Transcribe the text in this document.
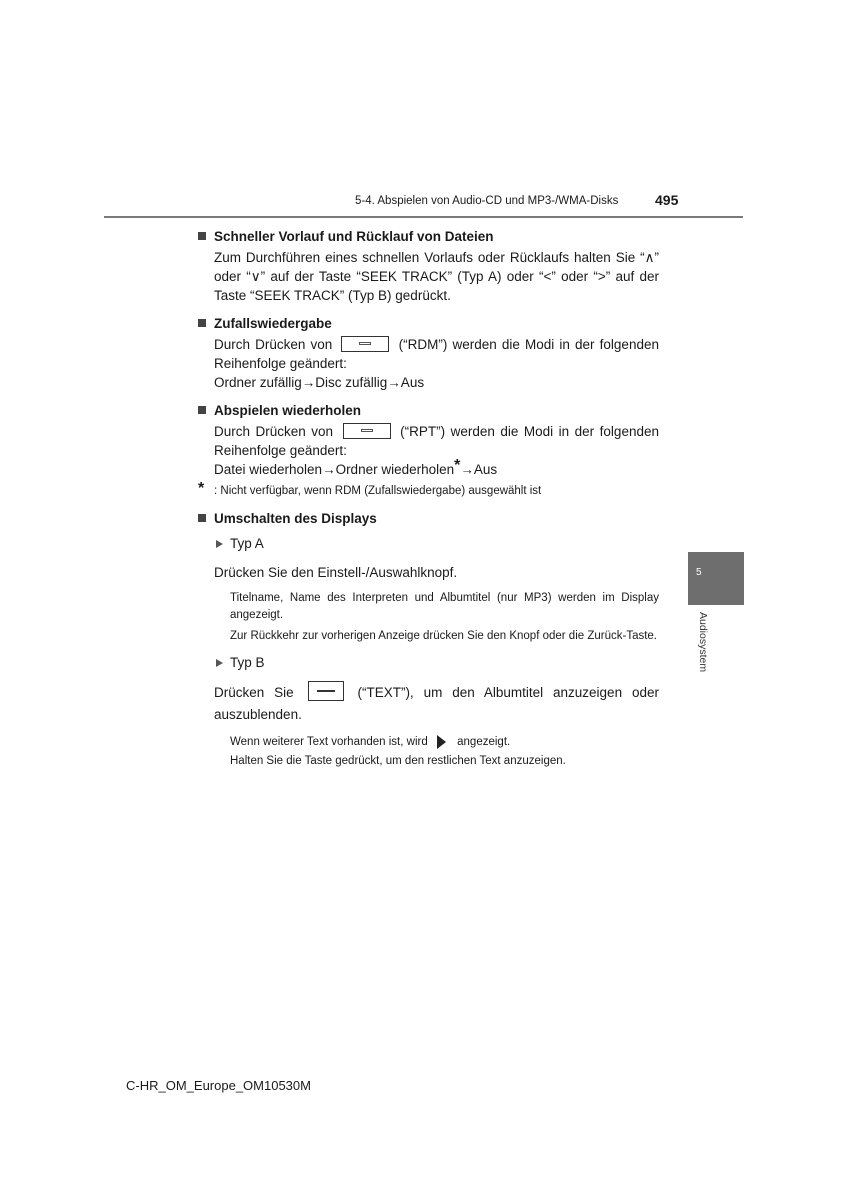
5-4. Abspielen von Audio-CD und MP3-/WMA-Disks	495
5
Audiosystem
Schneller Vorlauf und Rücklauf von Dateien
Zum Durchführen eines schnellen Vorlaufs oder Rücklaufs halten Sie “∧” oder “∨” auf der Taste “SEEK TRACK” (Typ A) oder “<” oder “>” auf der Taste “SEEK TRACK” (Typ B) gedrückt.
Zufallswiedergabe
Durch Drücken von	(“RDM”) werden die Modi in der folgenden Reihenfolge geändert:
Ordner zufällig→Disc zufällig→Aus
Abspielen wiederholen
Durch Drücken von	(“RPT”) werden die Modi in der folgenden Reihenfolge geändert:
Datei wiederholen→Ordner wiederholen*→Aus
* : Nicht verfügbar, wenn RDM (Zufallswiedergabe) ausgewählt ist
Umschalten des Displays
Typ A
Drücken Sie den Einstell-/Auswahlknopf.
Titelname, Name des Interpreten und Albumtitel (nur MP3) werden im Display angezeigt.
Zur Rückkehr zur vorherigen Anzeige drücken Sie den Knopf oder die Zurück-Taste.
Typ B
Drücken Sie	(“TEXT”), um den Albumtitel anzuzeigen oder auszublenden.
Wenn weiterer Text vorhanden ist, wird	angezeigt.
Halten Sie die Taste gedrückt, um den restlichen Text anzuzeigen.
C-HR_OM_Europe_OM10530M
